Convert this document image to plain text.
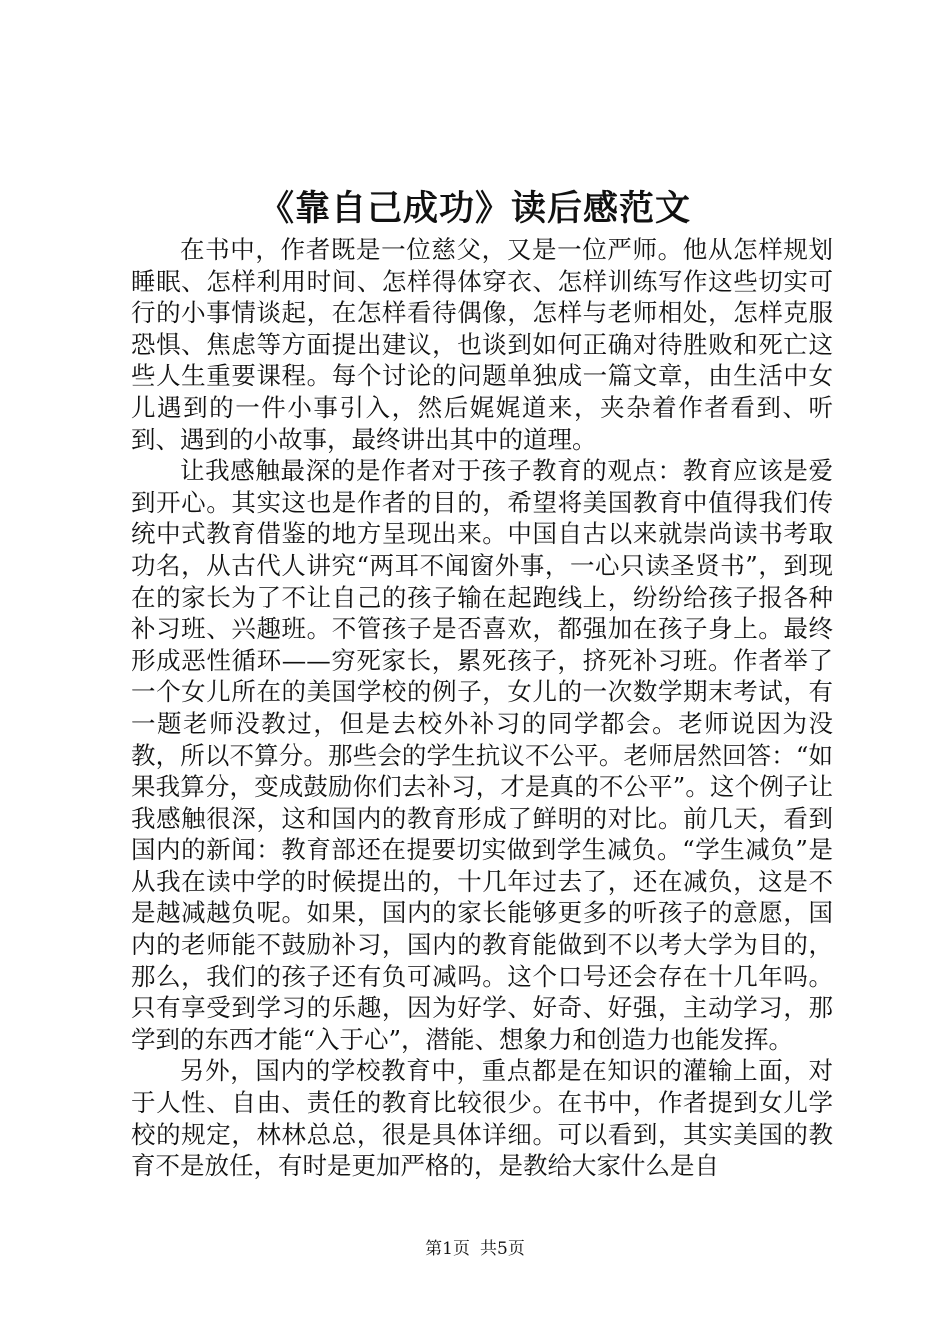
《靠自己成功》读后感范文

在书中，作者既是一位慈父，又是一位严师。他从怎样规划睡眠、怎样利用时间、怎样得体穿衣、怎样训练写作这些切实可行的小事情谈起，在怎样看待偶像，怎样与老师相处，怎样克服恐惧、焦虑等方面提出建议，也谈到如何正确对待胜败和死亡这些人生重要课程。每个讨论的问题单独成一篇文章，由生活中女儿遇到的一件小事引入，然后娓娓道来，夹杂着作者看到、听到、遇到的小故事，最终讲出其中的道理。

让我感触最深的是作者对于孩子教育的观点：教育应该是爱到开心。其实这也是作者的目的，希望将美国教育中值得我们传统中式教育借鉴的地方呈现出来。中国自古以来就崇尚读书考取功名，从古代人讲究“两耳不闻窗外事，一心只读圣贤书”，到现在的家长为了不让自己的孩子输在起跑线上，纷纷给孩子报各种补习班、兴趣班。不管孩子是否喜欢，都强加在孩子身上。最终形成恶性循环——穷死家长，累死孩子，挤死补习班。作者举了一个女儿所在的美国学校的例子，女儿的一次数学期末考试，有一题老师没教过，但是去校外补习的同学都会。老师说因为没教，所以不算分。那些会的学生抗议不公平。老师居然回答：“如果我算分，变成鼓励你们去补习，才是真的不公平”。这个例子让我感触很深，这和国内的教育形成了鲜明的对比。前几天，看到国内的新闻：教育部还在提要切实做到学生减负。“学生减负”是从我在读中学的时候提出的，十几年过去了，还在减负，这是不是越减越负呢。如果，国内的家长能够更多的听孩子的意愿，国内的老师能不鼓励补习，国内的教育能做到不以考大学为目的，那么，我们的孩子还有负可减吗。这个口号还会存在十几年吗。只有享受到学习的乐趣，因为好学、好奇、好强，主动学习，那学到的东西才能“入于心”，潜能、想象力和创造力也能发挥。

另外，国内的学校教育中，重点都是在知识的灌输上面，对于人性、自由、责任的教育比较很少。在书中，作者提到女儿学校的规定，林林总总，很是具体详细。可以看到，其实美国的教育不是放任，有时是更加严格的，是教给大家什么是自

第1页 共5页
